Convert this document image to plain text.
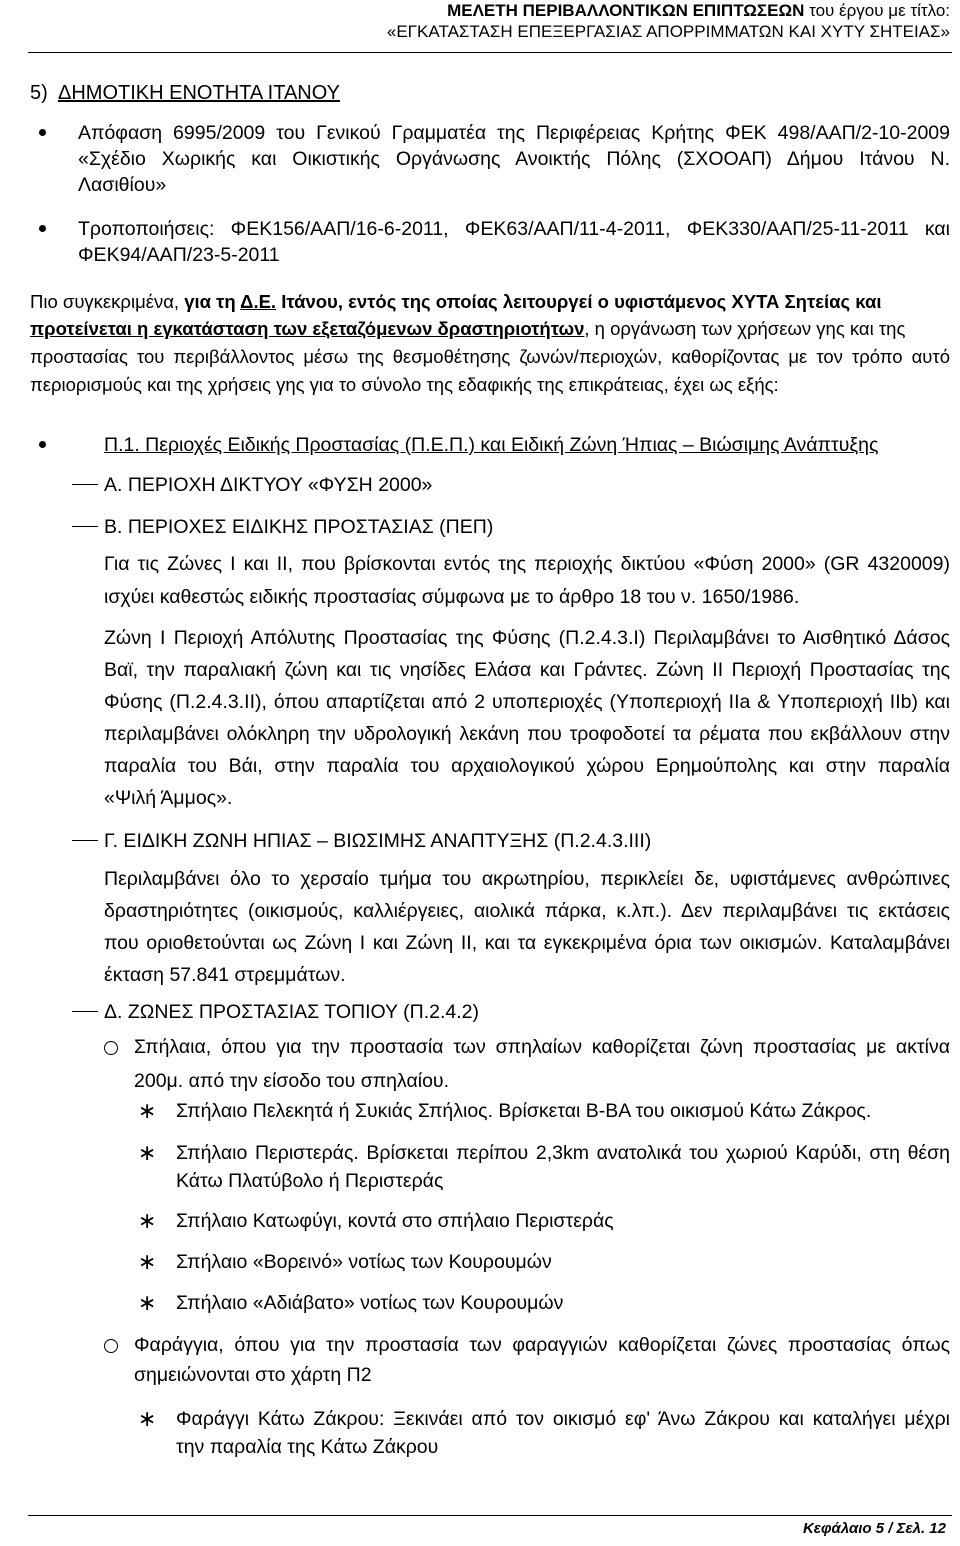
ΜΕΛΕΤΗ ΠΕΡΙΒΑΛΛΟΝΤΙΚΩΝ ΕΠΙΠΤΩΣΕΩΝ του έργου με τίτλο:
«ΕΓΚΑΤΑΣΤΑΣΗ ΕΠΕΞΕΡΓΑΣΙΑΣ ΑΠΟΡΡΙΜΜΑΤΩΝ ΚΑΙ ΧΥΤΥ ΣΗΤΕΙΑΣ»
5) ΔΗΜΟΤΙΚΗ ΕΝΟΤΗΤΑ ΙΤΑΝΟΥ
Απόφαση 6995/2009 του Γενικού Γραμματέα της Περιφέρειας Κρήτης ΦΕΚ 498/ΑΑΠ/2-10-2009
«Σχέδιο Χωρικής και Οικιστικής Οργάνωσης Ανοικτής Πόλης (ΣΧΟΟΑΠ) Δήμου Ιτάνου Ν.
Λασιθίου»
Τροποποιήσεις: ΦΕΚ156/ΑΑΠ/16-6-2011, ΦΕΚ63/ΑΑΠ/11-4-2011, ΦΕΚ330/ΑΑΠ/25-11-2011 και
ΦΕΚ94/ΑΑΠ/23-5-2011
Πιο συγκεκριμένα, για τη Δ.Ε. Ιτάνου, εντός της οποίας λειτουργεί ο υφιστάμενος ΧΥΤΑ Σητείας και
προτείνεται η εγκατάσταση των εξεταζόμενων δραστηριοτήτων, η οργάνωση των χρήσεων γης και της
προστασίας του περιβάλλοντος μέσω της θεσμοθέτησης ζωνών/περιοχών, καθορίζοντας με τον τρόπο αυτό
περιορισμούς και της χρήσεις γης για το σύνολο της εδαφικής της επικράτειας, έχει ως εξής:
Π.1. Περιοχές Ειδικής Προστασίας (Π.Ε.Π.) και Ειδική Ζώνη Ήπιας – Βιώσιμης Ανάπτυξης
Α. ΠΕΡΙΟΧΗ ΔΙΚΤΥΟΥ «ΦΥΣΗ 2000»
Β. ΠΕΡΙΟΧΕΣ ΕΙΔΙΚΗΣ ΠΡΟΣΤΑΣΙΑΣ (ΠΕΠ)
Για τις Ζώνες Ι και ΙΙ, που βρίσκονται εντός της περιοχής δικτύου «Φύση 2000» (GR 4320009)
ισχύει καθεστώς ειδικής προστασίας σύμφωνα με το άρθρο 18 του ν. 1650/1986.
Ζώνη Ι Περιοχή Απόλυτης Προστασίας της Φύσης (Π.2.4.3.Ι) Περιλαμβάνει το Αισθητικό Δάσος
Βαϊ, την παραλιακή ζώνη και τις νησίδες Ελάσα και Γράντες. Ζώνη ΙΙ Περιοχή Προστασίας της
Φύσης (Π.2.4.3.ΙΙ), όπου απαρτίζεται από 2 υποπεριοχές (Υποπεριοχή ΙΙa & Υποπεριοχή ΙΙb) και
περιλαμβάνει ολόκληρη την υδρολογική λεκάνη που τροφοδοτεί τα ρέματα που εκβάλλουν στην
παραλία του Βάι, στην παραλία του αρχαιολογικού χώρου Ερημούπολης και στην παραλία
«Ψιλή Άμμος».
Γ. ΕΙΔΙΚΗ ΖΩΝΗ ΗΠΙΑΣ – ΒΙΩΣΙΜΗΣ ΑΝΑΠΤΥΞΗΣ (Π.2.4.3.ΙΙΙ)
Περιλαμβάνει όλο το χερσαίο τμήμα του ακρωτηρίου, περικλείει δε, υφιστάμενες ανθρώπινες
δραστηριότητες (οικισμούς, καλλιέργειες, αιολικά πάρκα, κ.λπ.). Δεν περιλαμβάνει τις εκτάσεις
που οριοθετούνται ως Ζώνη Ι και Ζώνη ΙΙ, και τα εγκεκριμένα όρια των οικισμών. Καταλαμβάνει
έκταση 57.841 στρεμμάτων.
Δ. ΖΩΝΕΣ ΠΡΟΣΤΑΣΙΑΣ ΤΟΠΙΟΥ (Π.2.4.2)
Σπήλαια, όπου για την προστασία των σπηλαίων καθορίζεται ζώνη προστασίας με ακτίνα
200μ. από την είσοδο του σπηλαίου.
∗ Σπήλαιο Πελεκητά ή Συκιάς Σπήλιος. Βρίσκεται Β-ΒΑ του οικισμού Κάτω Ζάκρος.
∗ Σπήλαιο Περιστεράς. Βρίσκεται περίπου 2,3km ανατολικά του χωριού Καρύδι, στη θέση
Κάτω Πλατύβολο ή Περιστεράς
∗ Σπήλαιο Κατωφύγι, κοντά στο σπήλαιο Περιστεράς
∗ Σπήλαιο «Βορεινό» νοτίως των Κουρουμών
∗ Σπήλαιο «Αδιάβατο» νοτίως των Κουρουμών
Φαράγγια, όπου για την προστασία των φαραγγιών καθορίζεται ζώνες προστασίας όπως
σημειώνονται στο χάρτη Π2
∗ Φαράγγι Κάτω Ζάκρου: Ξεκινάει από τον οικισμό εφ' Άνω Ζάκρου και καταλήγει μέχρι
την παραλία της Κάτω Ζάκρου
Κεφάλαιο 5 / Σελ. 12
